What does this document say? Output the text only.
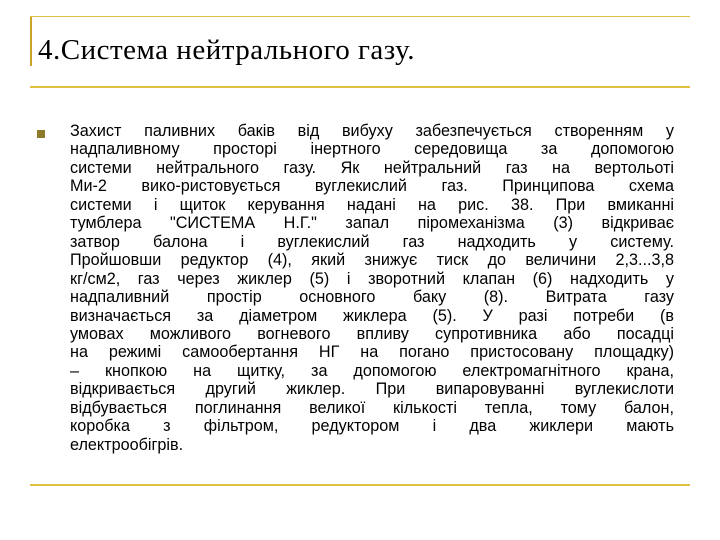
4.Система нейтрального газу.
Захист паливних баків від вибуху забезпечується створенням у
надпаливному просторі інертного середовища за допомогою
системи нейтрального газу. Як нейтральний газ на вертольоті
Ми-2 вико-ристовується вуглекислий газ. Принципова схема
системи і щиток керування надані на рис. 38. При вмиканні
тумблера "СИСТЕМА Н.Г." запал піромеханізма (3) відкриває
затвор балона і вуглекислий газ надходить у систему.
Пройшовши редуктор (4), який знижує тиск до величини 2,3...3,8
кг/см2, газ через жиклер (5) і зворотний клапан (6) надходить у
надпаливний простір основного баку (8). Витрата газу
визначається за діаметром жиклера (5). У разі потреби (в
умовах можливого вогневого впливу супротивника або посадці
на режимі самообертання НГ на погано пристосовану площадку)
– кнопкою на щитку, за допомогою електромагнітного крана,
відкривається другий жиклер. При випаровуванні вуглекислоти
відбувається поглинання великої кількості тепла, тому балон,
коробка з фільтром, редуктором і два жиклери мають
електрообігрів.
